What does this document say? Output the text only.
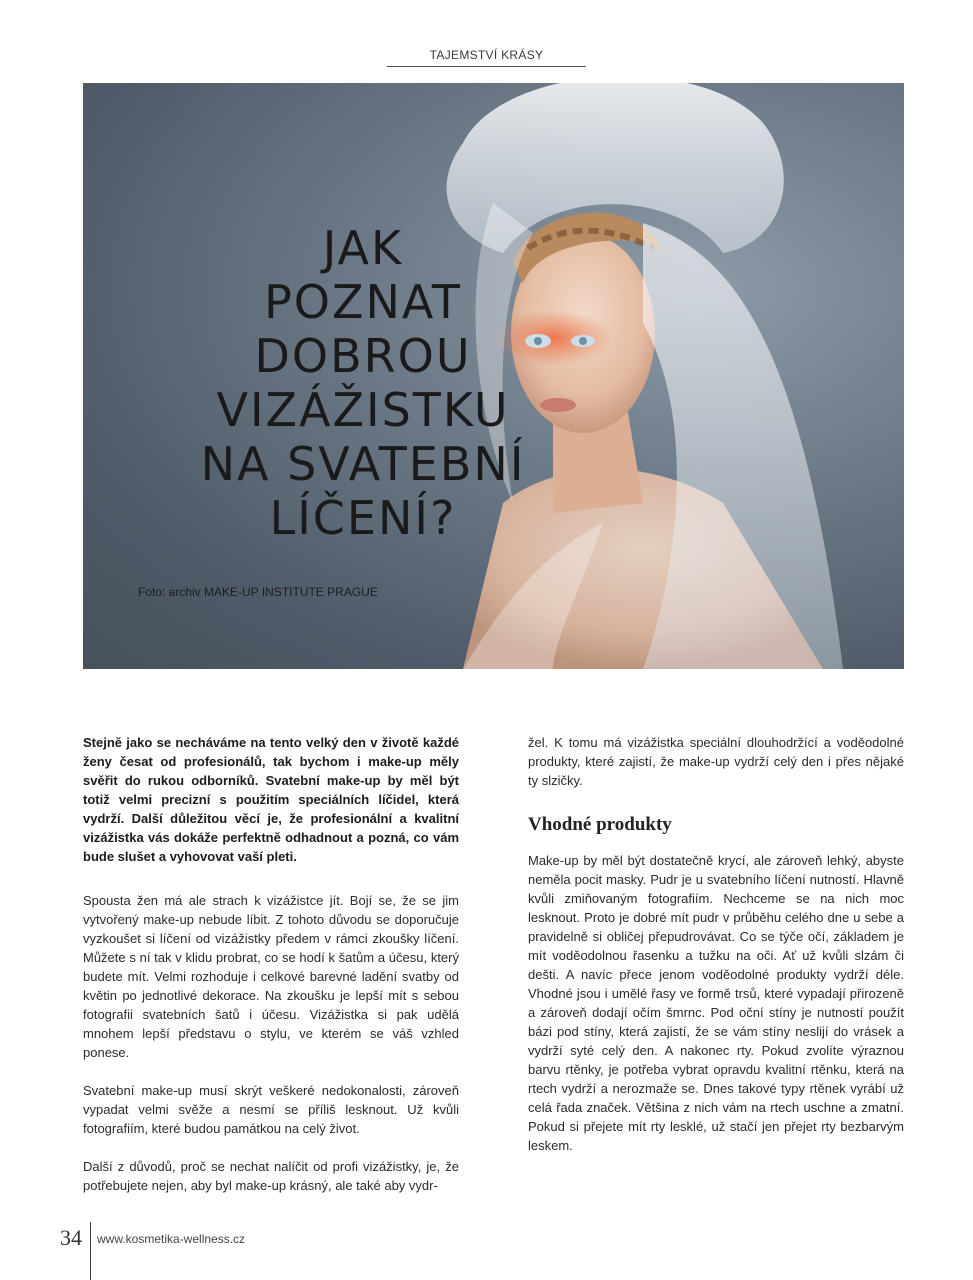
TAJEMSTVÍ KRÁSY
JAK
POZNAT
DOBROU
VIZÁŽISTKU
NA SVATEBNÍ
LÍČENÍ?
Foto: archiv MAKE-UP INSTITUTE PRAGUE

Stejně jako se necháváme na tento velký den v životě každé ženy česat od profesionálů, tak bychom i make-up měly svěřit do rukou odborníků. Svatební make-up by měl být totiž velmi precizní s použitím speciálních líčidel, která vydrží. Další důležitou věcí je, že profesionální a kvalitní vizážistka vás dokáže perfektně odhadnout a pozná, co vám bude slušet a vyhovovat vaší pleti.

Spousta žen má ale strach k vizážistce jít. Bojí se, že se jim vytvořený make-up nebude líbit. Z tohoto důvodu se doporučuje vyzkoušet si líčení od vizážistky předem v rámci zkoušky líčení. Můžete s ní tak v klidu probrat, co se hodí k šatům a účesu, který budete mít. Velmi rozhoduje i celkové barevné ladění svatby od květin po jednotlivé dekorace. Na zkoušku je lepší mít s sebou fotografii svatebních šatů i účesu. Vizážistka si pak udělá mnohem lepší představu o stylu, ve kterém se váš vzhled ponese.

Svatební make-up musí skrýt veškeré nedokonalosti, zároveň vypadat velmi svěže a nesmí se příliš lesknout. Už kvůli fotografiím, které budou památkou na celý život.

Další z důvodů, proč se nechat nalíčit od profi vizážistky, je, že potřebujete nejen, aby byl make-up krásný, ale také aby vydr-

žel. K tomu má vizážistka speciální dlouhodržící a voděodolné produkty, které zajistí, že make-up vydrží celý den i přes nějaké ty slzičky.

Vhodné produkty

Make-up by měl být dostatečně krycí, ale zároveň lehký, abyste neměla pocit masky. Pudr je u svatebního líčení nutností. Hlavně kvůli zmiňovaným fotografiím. Nechceme se na nich moc lesknout. Proto je dobré mít pudr v průběhu celého dne u sebe a pravidelně si obličej přepudrovávat. Co se týče očí, základem je mít voděodolnou řasenku a tužku na oči. Ať už kvůli slzám či dešti. A navíc přece jenom voděodolné produkty vydrží déle. Vhodné jsou i umělé řasy ve formě trsů, které vypadají přirozeně a zároveň dodají očím šmrnc. Pod oční stíny je nutností použít bázi pod stíny, která zajistí, že se vám stíny neslijí do vrásek a vydrží syté celý den. A nakonec rty. Pokud zvolíte výraznou barvu rtěnky, je potřeba vybrat opravdu kvalitní rtěnku, která na rtech vydrží a nerozmaže se. Dnes takové typy rtěnek vyrábí už celá řada značek. Většina z nich vám na rtech uschne a zmatní. Pokud si přejete mít rty lesklé, už stačí jen přejet rty bezbarvým leskem.

34 www.kosmetika-wellness.cz
